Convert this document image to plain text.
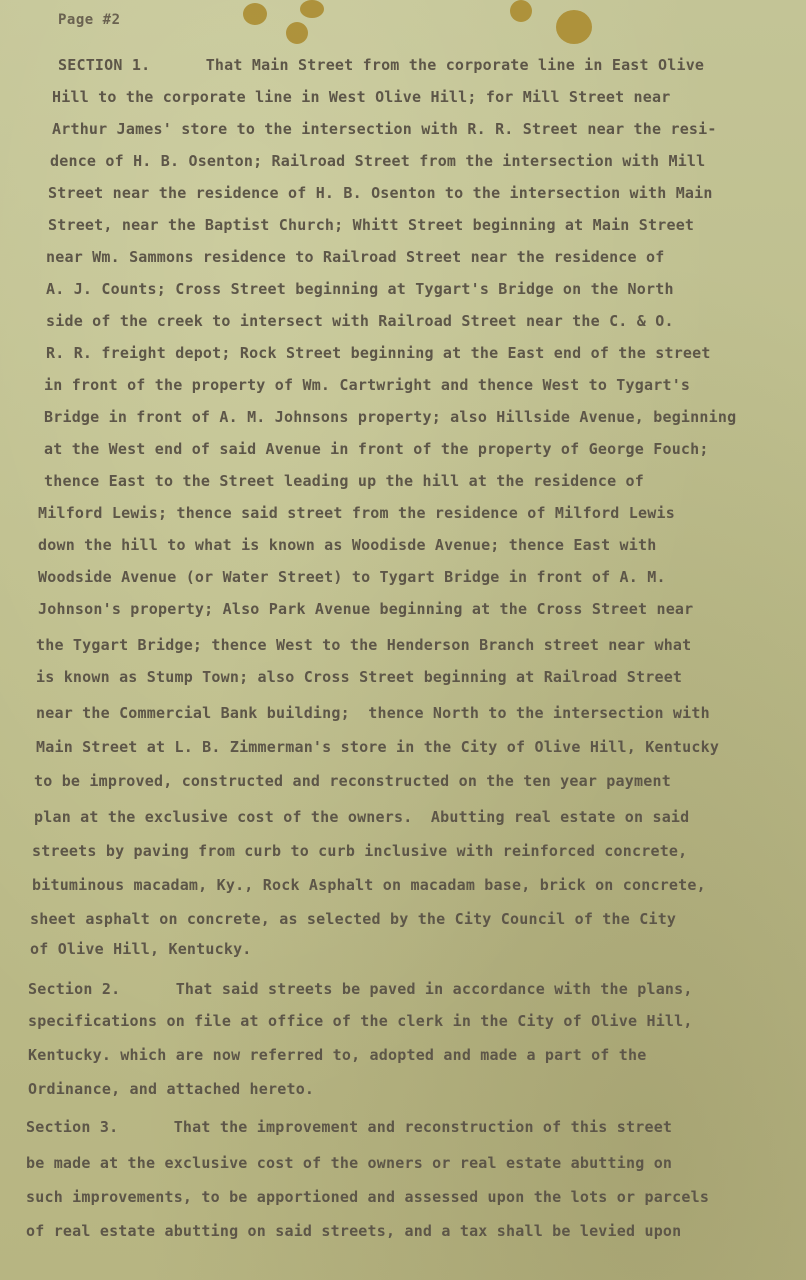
Page #2
SECTION 1.      That Main Street from the corporate line in East Olive
Hill to the corporate line in West Olive Hill; for Mill Street near
Arthur James' store to the intersection with R. R. Street near the resi-
dence of H. B. Osenton; Railroad Street from the intersection with Mill
Street near the residence of H. B. Osenton to the intersection with Main
Street, near the Baptist Church; Whitt Street beginning at Main Street
near Wm. Sammons residence to Railroad Street near the residence of
A. J. Counts; Cross Street beginning at Tygart's Bridge on the North
side of the creek to intersect with Railroad Street near the C. & O.
R. R. freight depot; Rock Street beginning at the East end of the street
in front of the property of Wm. Cartwright and thence West to Tygart's
Bridge in front of A. M. Johnsons property; also Hillside Avenue, beginning
at the West end of said Avenue in front of the property of George Fouch;
thence East to the Street leading up the hill at the residence of
Milford Lewis; thence said street from the residence of Milford Lewis
down the hill to what is known as Woodisde Avenue; thence East with
Woodside Avenue (or Water Street) to Tygart Bridge in front of A. M.
Johnson's property; Also Park Avenue beginning at the Cross Street near
the Tygart Bridge; thence West to the Henderson Branch street near what
is known as Stump Town; also Cross Street beginning at Railroad Street
near the Commercial Bank building;  thence North to the intersection with
Main Street at L. B. Zimmerman's store in the City of Olive Hill, Kentucky
to be improved, constructed and reconstructed on the ten year payment
plan at the exclusive cost of the owners.  Abutting real estate on said
streets by paving from curb to curb inclusive with reinforced concrete,
bituminous macadam, Ky., Rock Asphalt on macadam base, brick on concrete,
sheet asphalt on concrete, as selected by the City Council of the City
of Olive Hill, Kentucky.
Section 2.      That said streets be paved in accordance with the plans,
specifications on file at office of the clerk in the City of Olive Hill,
Kentucky. which are now referred to, adopted and made a part of the
Ordinance, and attached hereto.
Section 3.      That the improvement and reconstruction of this street
be made at the exclusive cost of the owners or real estate abutting on
such improvements, to be apportioned and assessed upon the lots or parcels
of real estate abutting on said streets, and a tax shall be levied upon
